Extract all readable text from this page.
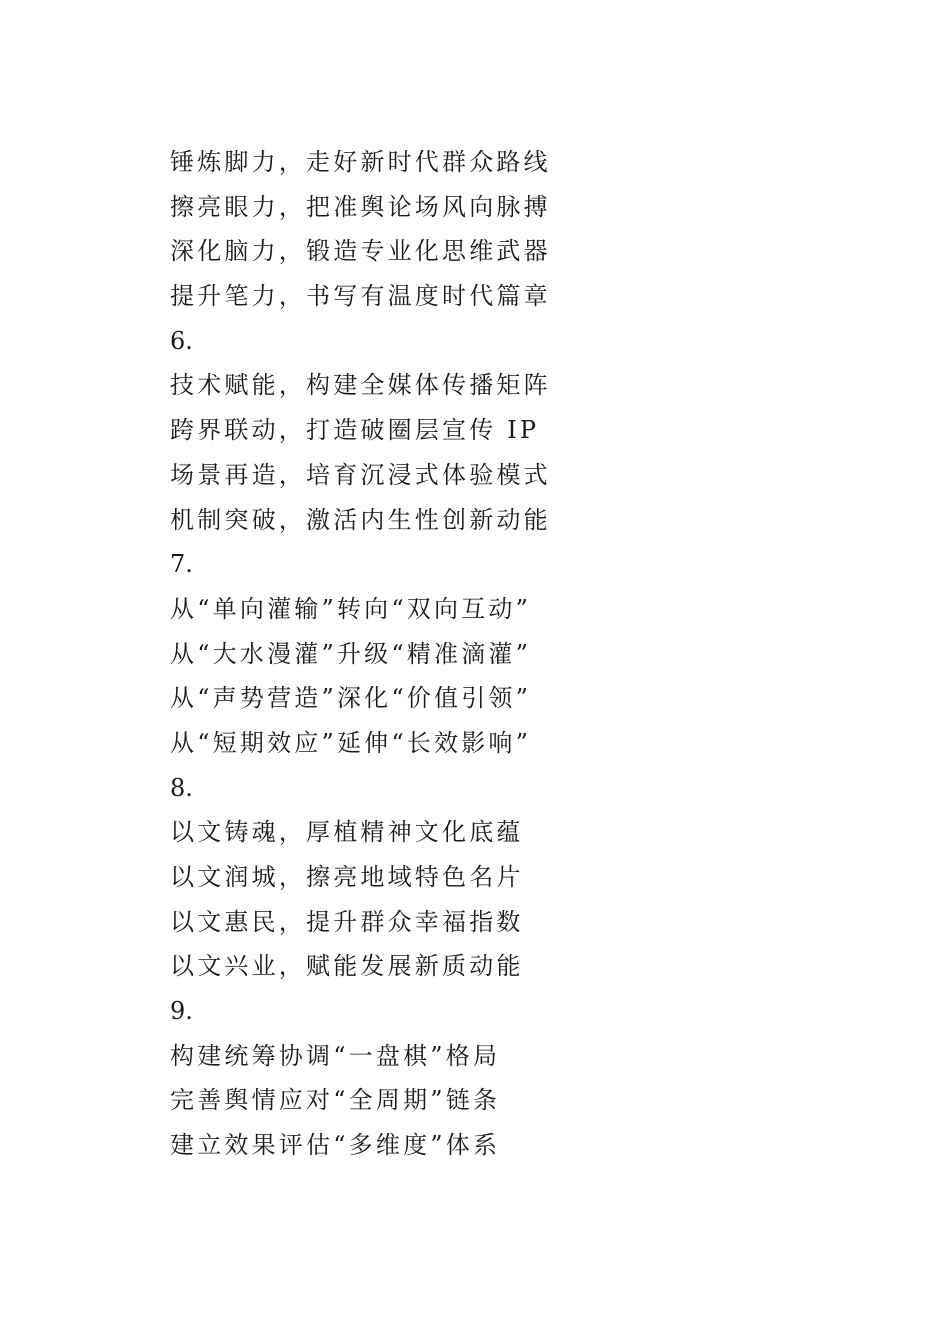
锤炼脚力，走好新时代群众路线
擦亮眼力，把准舆论场风向脉搏
深化脑力，锻造专业化思维武器
提升笔力，书写有温度时代篇章
6.
技术赋能，构建全媒体传播矩阵
跨界联动，打造破圈层宣传 IP
场景再造，培育沉浸式体验模式
机制突破，激活内生性创新动能
7.
从“单向灌输”转向“双向互动”
从“大水漫灌”升级“精准滴灌”
从“声势营造”深化“价值引领”
从“短期效应”延伸“长效影响”
8.
以文铸魂，厚植精神文化底蕴
以文润城，擦亮地域特色名片
以文惠民，提升群众幸福指数
以文兴业，赋能发展新质动能
9.
构建统筹协调“一盘棋”格局
完善舆情应对“全周期”链条
建立效果评估“多维度”体系
